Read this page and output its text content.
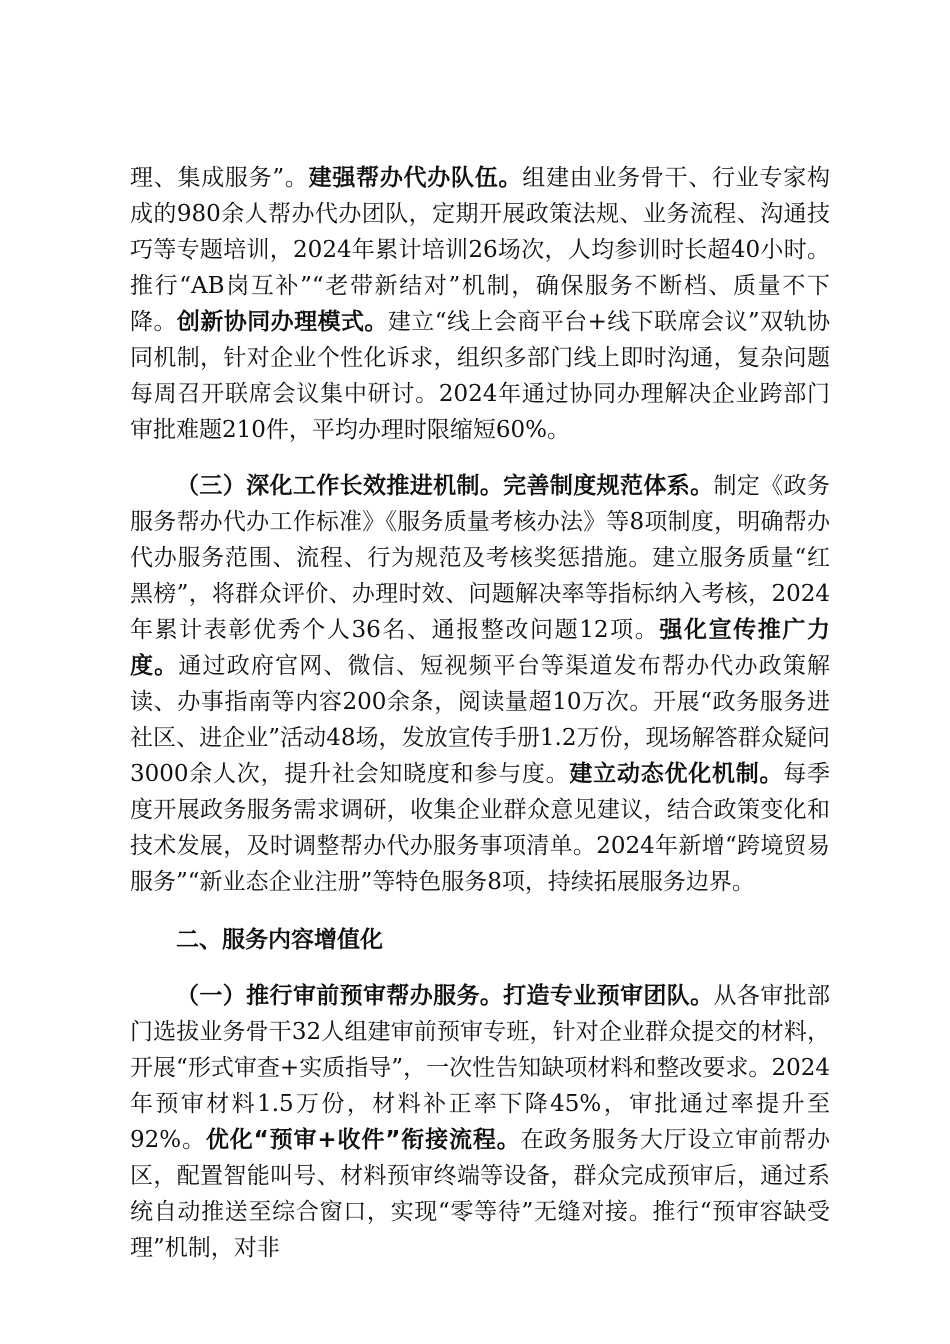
理、集成服务”。建强帮办代办队伍。组建由业务骨干、行业专家构成的980余人帮办代办团队，定期开展政策法规、业务流程、沟通技巧等专题培训，2024年累计培训26场次，人均参训时长超40小时。推行“AB岗互补”“老带新结对”机制，确保服务不断档、质量不下降。创新协同办理模式。建立“线上会商平台+线下联席会议”双轨协同机制，针对企业个性化诉求，组织多部门线上即时沟通，复杂问题每周召开联席会议集中研讨。2024年通过协同办理解决企业跨部门审批难题210件，平均办理时限缩短60%。

（三）深化工作长效推进机制。完善制度规范体系。制定《政务服务帮办代办工作标准》《服务质量考核办法》等8项制度，明确帮办代办服务范围、流程、行为规范及考核奖惩措施。建立服务质量“红黑榜”，将群众评价、办理时效、问题解决率等指标纳入考核，2024年累计表彰优秀个人36名、通报整改问题12项。强化宣传推广力度。通过政府官网、微信、短视频平台等渠道发布帮办代办政策解读、办事指南等内容200余条，阅读量超10万次。开展“政务服务进社区、进企业”活动48场，发放宣传手册1.2万份，现场解答群众疑问3000余人次，提升社会知晓度和参与度。建立动态优化机制。每季度开展政务服务需求调研，收集企业群众意见建议，结合政策变化和技术发展，及时调整帮办代办服务事项清单。2024年新增“跨境贸易服务”“新业态企业注册”等特色服务8项，持续拓展服务边界。

二、服务内容增值化

（一）推行审前预审帮办服务。打造专业预审团队。从各审批部门选拔业务骨干32人组建审前预审专班，针对企业群众提交的材料，开展“形式审查+实质指导”，一次性告知缺项材料和整改要求。2024年预审材料1.5万份，材料补正率下降45%，审批通过率提升至92%。优化“预审+收件”衔接流程。在政务服务大厅设立审前帮办区，配置智能叫号、材料预审终端等设备，群众完成预审后，通过系统自动推送至综合窗口，实现“零等待”无缝对接。推行“预审容缺受理”机制，对非
